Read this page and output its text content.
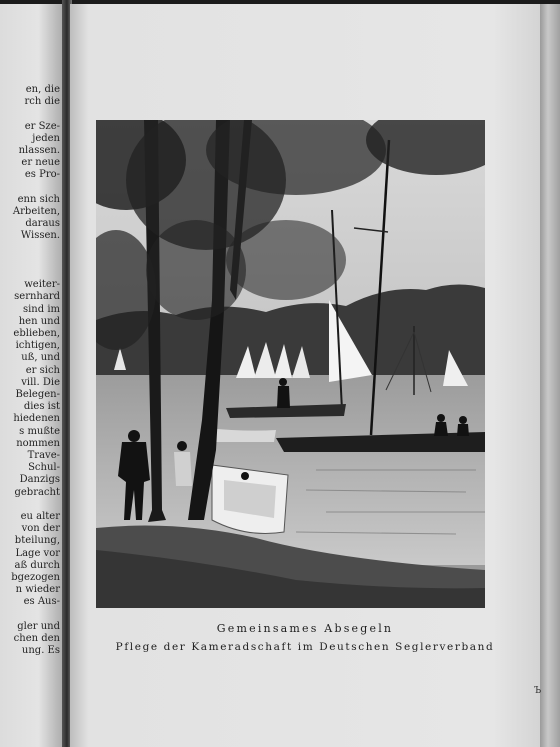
en, die
rch die
er Sze-
jeden
nlassen.
er neue
es Pro-
enn sich
Arbeiten,
daraus
Wissen.
weiter-
sernhard
sind im
hen und
eblieben,
ichtigen,
uß, und
er sich
vill. Die
Belegen-
dies ist
hiedenen
s mußte
nommen
Trave-
Schul-
Danzigs
gebracht
eu alter
von der
bteilung,
Lage vor
aß durch
bgezogen
n wieder
es Aus-
gler und
chen den
ung. Es
Gemeinsames Absegeln
Pflege der Kameradschaft im Deutschen Seglerverband
Ъ
